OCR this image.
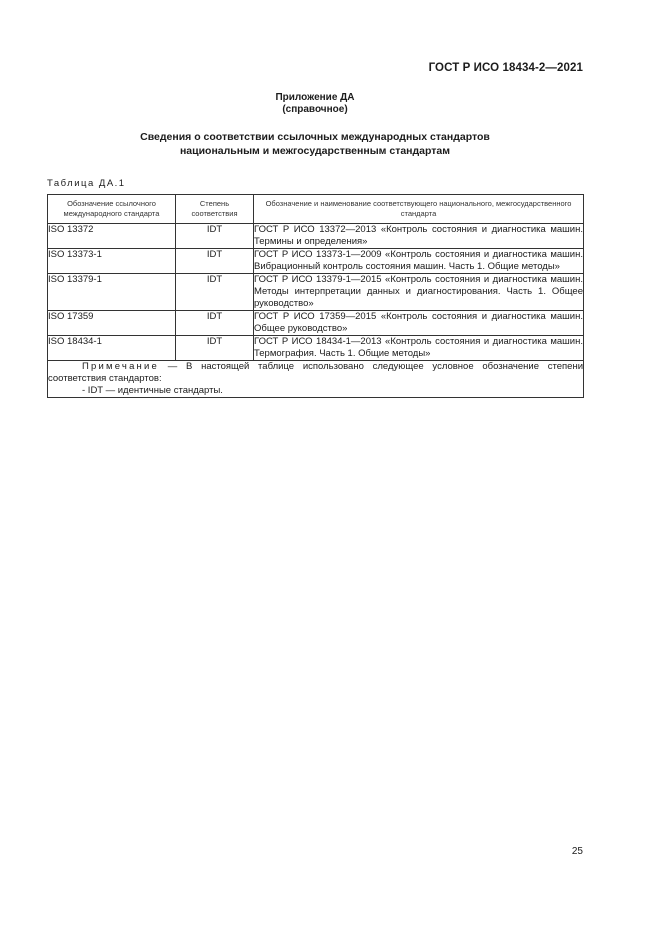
ГОСТ Р ИСО 18434-2—2021
Приложение ДА
(справочное)
Сведения о соответствии ссылочных международных стандартов
национальным и межгосударственным стандартам
Таблица ДА.1
Обозначение ссылочного международного стандарта	Степень соответствия	Обозначение и наименование соответствующего национального, межгосударственного стандарта
ISO 13372	IDT	ГОСТ Р ИСО 13372—2013 «Контроль состояния и диагностика машин. Термины и определения»
ISO 13373-1	IDT	ГОСТ Р ИСО 13373-1—2009 «Контроль состояния и диагностика машин. Вибрационный контроль состояния машин. Часть 1. Общие методы»
ISO 13379-1	IDT	ГОСТ Р ИСО 13379-1—2015 «Контроль состояния и диагностика машин. Методы интерпретации данных и диагностирования. Часть 1. Общее руководство»
ISO 17359	IDT	ГОСТ Р ИСО 17359—2015 «Контроль состояния и диагностика машин. Общее руководство»
ISO 18434-1	IDT	ГОСТ Р ИСО 18434-1—2013 «Контроль состояния и диагностика машин. Термография. Часть 1. Общие методы»

Примечание — В настоящей таблице использовано следующее условное обозначение степени соответствия стандартов:
- IDT — идентичные стандарты.		
25
